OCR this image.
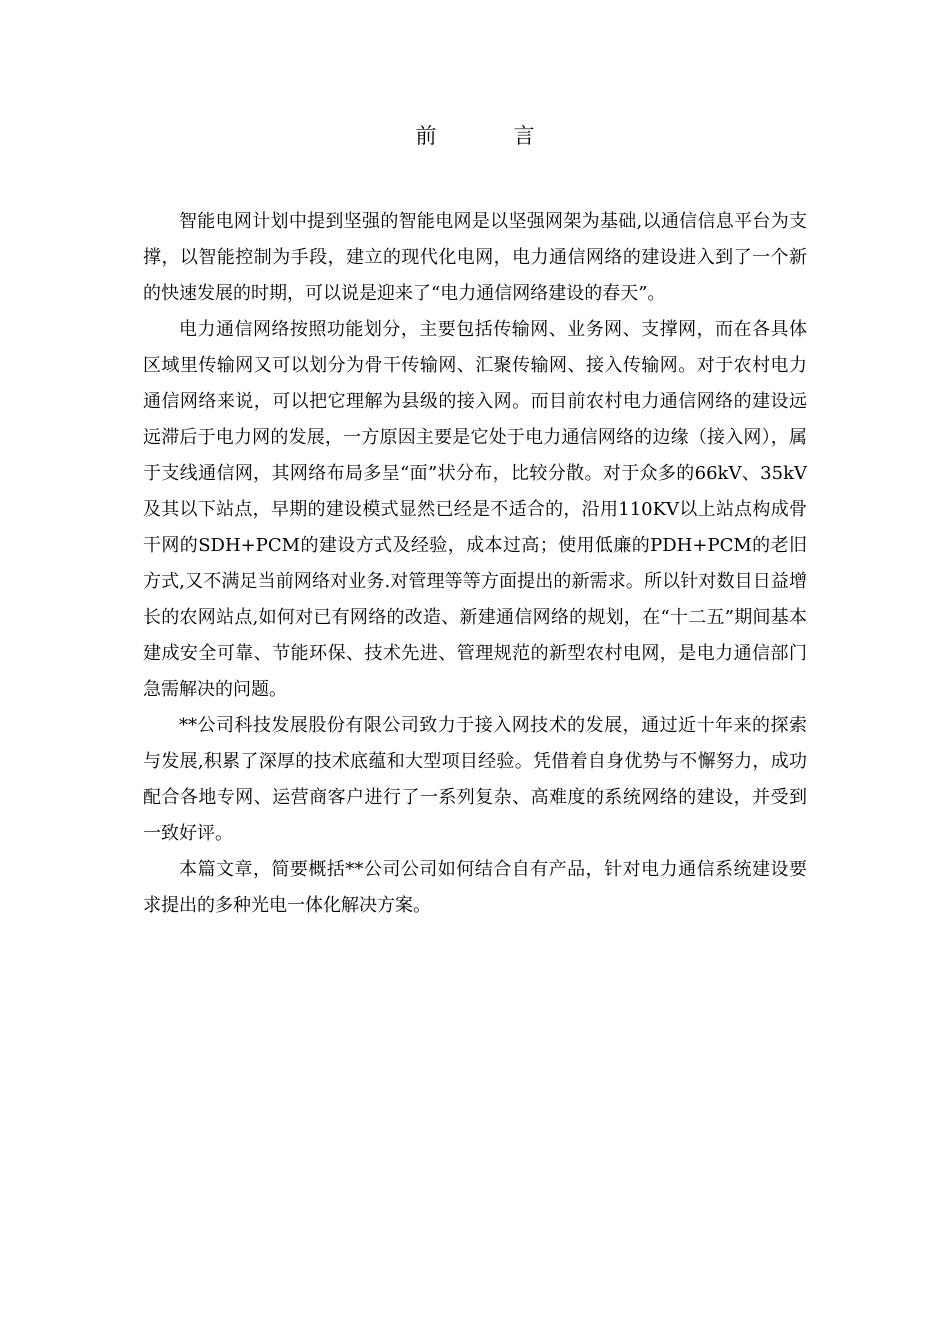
前　言

智能电网计划中提到坚强的智能电网是以坚强网架为基础,以通信信息平台为支撑，以智能控制为手段，建立的现代化电网，电力通信网络的建设进入到了一个新的快速发展的时期，可以说是迎来了“电力通信网络建设的春天”。

电力通信网络按照功能划分，主要包括传输网、业务网、支撑网，而在各具体区域里传输网又可以划分为骨干传输网、汇聚传输网、接入传输网。对于农村电力通信网络来说，可以把它理解为县级的接入网。而目前农村电力通信网络的建设远远滞后于电力网的发展，一方原因主要是它处于电力通信网络的边缘（接入网），属于支线通信网，其网络布局多呈“面”状分布，比较分散。对于众多的66kV、35kV及其以下站点，早期的建设模式显然已经是不适合的，沿用110KV以上站点构成骨干网的SDH+PCM的建设方式及经验，成本过高；使用低廉的PDH+PCM的老旧方式,又不满足当前网络对业务.对管理等等方面提出的新需求。所以针对数目日益增长的农网站点,如何对已有网络的改造、新建通信网络的规划，在“十二五”期间基本建成安全可靠、节能环保、技术先进、管理规范的新型农村电网，是电力通信部门急需解决的问题。

**公司科技发展股份有限公司致力于接入网技术的发展，通过近十年来的探索与发展,积累了深厚的技术底蕴和大型项目经验。凭借着自身优势与不懈努力，成功配合各地专网、运营商客户进行了一系列复杂、高难度的系统网络的建设，并受到一致好评。

本篇文章，简要概括**公司公司如何结合自有产品，针对电力通信系统建设要求提出的多种光电一体化解决方案。
